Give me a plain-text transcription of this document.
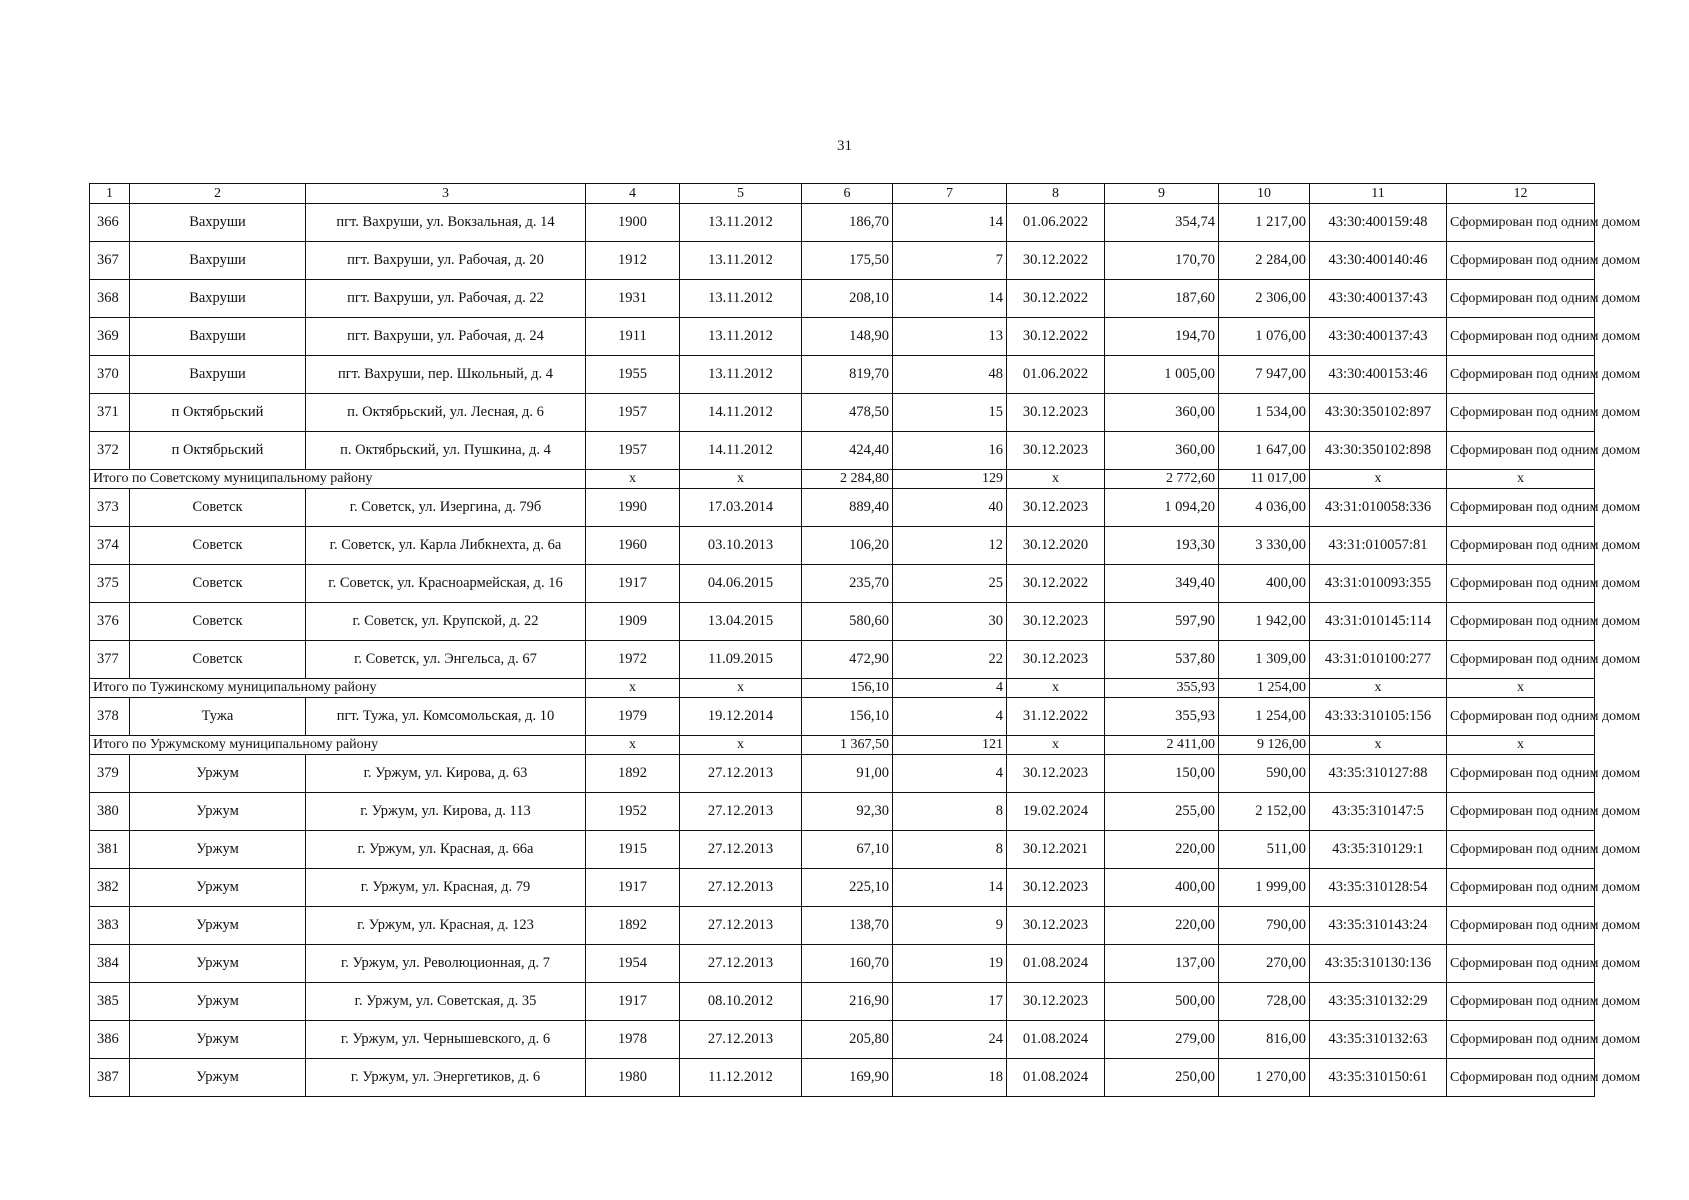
31
1	2	3	4	5	6	7	8	9	10	11	12
366	Вахруши	пгт. Вахруши, ул. Вокзальная, д. 14	1900	13.11.2012	186,70	14	01.06.2022	354,74	1 217,00	43:30:400159:48	Сформирован под одним домом
367	Вахруши	пгт. Вахруши, ул. Рабочая, д. 20	1912	13.11.2012	175,50	7	30.12.2022	170,70	2 284,00	43:30:400140:46	Сформирован под одним домом
368	Вахруши	пгт. Вахруши, ул. Рабочая, д. 22	1931	13.11.2012	208,10	14	30.12.2022	187,60	2 306,00	43:30:400137:43	Сформирован под одним домом
369	Вахруши	пгт. Вахруши, ул. Рабочая, д. 24	1911	13.11.2012	148,90	13	30.12.2022	194,70	1 076,00	43:30:400137:43	Сформирован под одним домом
370	Вахруши	пгт. Вахруши, пер. Школьный, д. 4	1955	13.11.2012	819,70	48	01.06.2022	1 005,00	7 947,00	43:30:400153:46	Сформирован под одним домом
371	п Октябрьский	п. Октябрьский, ул. Лесная, д. 6	1957	14.11.2012	478,50	15	30.12.2023	360,00	1 534,00	43:30:350102:897	Сформирован под одним домом
372	п Октябрьский	п. Октябрьский, ул. Пушкина, д. 4	1957	14.11.2012	424,40	16	30.12.2023	360,00	1 647,00	43:30:350102:898	Сформирован под одним домом
Итого по Советскому муниципальному району			х	х	2 284,80	129	х	2 772,60	11 017,00	х	х
373	Советск	г. Советск, ул. Изергина, д. 79б	1990	17.03.2014	889,40	40	30.12.2023	1 094,20	4 036,00	43:31:010058:336	Сформирован под одним домом
374	Советск	г. Советск, ул. Карла Либкнехта, д. 6а	1960	03.10.2013	106,20	12	30.12.2020	193,30	3 330,00	43:31:010057:81	Сформирован под одним домом
375	Советск	г. Советск, ул. Красноармейская, д. 16	1917	04.06.2015	235,70	25	30.12.2022	349,40	400,00	43:31:010093:355	Сформирован под одним домом
376	Советск	г. Советск, ул. Крупской, д. 22	1909	13.04.2015	580,60	30	30.12.2023	597,90	1 942,00	43:31:010145:114	Сформирован под одним домом
377	Советск	г. Советск, ул. Энгельса, д. 67	1972	11.09.2015	472,90	22	30.12.2023	537,80	1 309,00	43:31:010100:277	Сформирован под одним домом
Итого по Тужинскому муниципальному району			х	х	156,10	4	х	355,93	1 254,00	х	х
378	Тужа	пгт. Тужа, ул. Комсомольская, д. 10	1979	19.12.2014	156,10	4	31.12.2022	355,93	1 254,00	43:33:310105:156	Сформирован под одним домом
Итого по Уржумскому муниципальному району			х	х	1 367,50	121	х	2 411,00	9 126,00	х	х
379	Уржум	г. Уржум, ул. Кирова, д. 63	1892	27.12.2013	91,00	4	30.12.2023	150,00	590,00	43:35:310127:88	Сформирован под одним домом
380	Уржум	г. Уржум, ул. Кирова, д. 113	1952	27.12.2013	92,30	8	19.02.2024	255,00	2 152,00	43:35:310147:5	Сформирован под одним домом
381	Уржум	г. Уржум, ул. Красная, д. 66а	1915	27.12.2013	67,10	8	30.12.2021	220,00	511,00	43:35:310129:1	Сформирован под одним домом
382	Уржум	г. Уржум, ул. Красная, д. 79	1917	27.12.2013	225,10	14	30.12.2023	400,00	1 999,00	43:35:310128:54	Сформирован под одним домом
383	Уржум	г. Уржум, ул. Красная, д. 123	1892	27.12.2013	138,70	9	30.12.2023	220,00	790,00	43:35:310143:24	Сформирован под одним домом
384	Уржум	г. Уржум, ул. Революционная, д. 7	1954	27.12.2013	160,70	19	01.08.2024	137,00	270,00	43:35:310130:136	Сформирован под одним домом
385	Уржум	г. Уржум, ул. Советская, д. 35	1917	08.10.2012	216,90	17	30.12.2023	500,00	728,00	43:35:310132:29	Сформирован под одним домом
386	Уржум	г. Уржум, ул. Чернышевского, д. 6	1978	27.12.2013	205,80	24	01.08.2024	279,00	816,00	43:35:310132:63	Сформирован под одним домом
387	Уржум	г. Уржум, ул. Энергетиков, д. 6	1980	11.12.2012	169,90	18	01.08.2024	250,00	1 270,00	43:35:310150:61	Сформирован под одним домом
